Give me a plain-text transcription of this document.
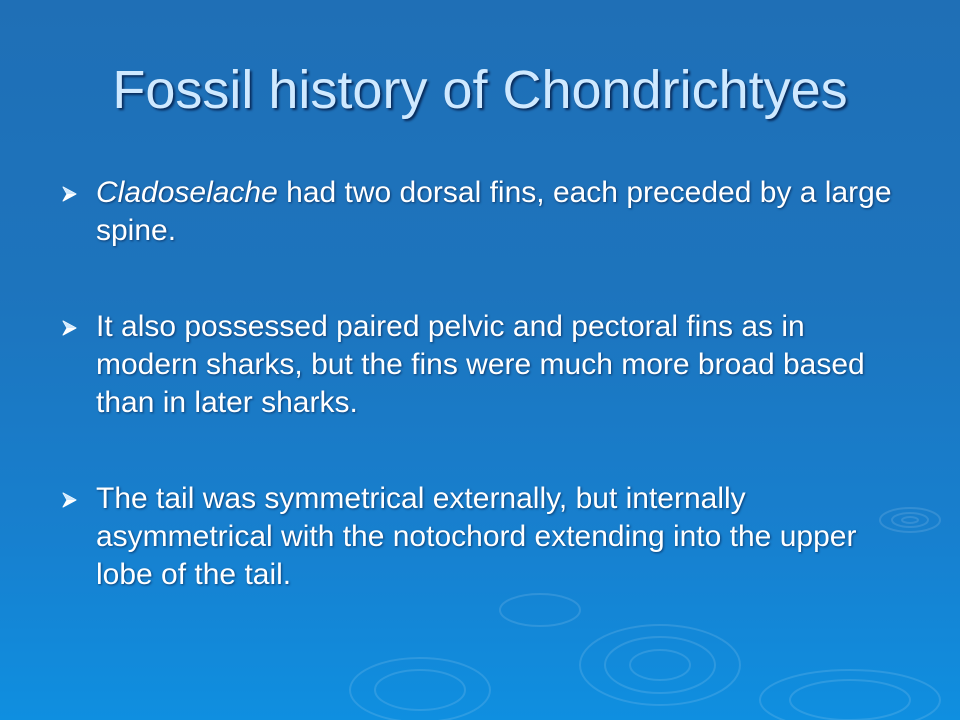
Fossil history of Chondrichtyes
Cladoselache had two dorsal fins, each preceded by a large spine.
It also possessed paired pelvic and pectoral fins as in modern sharks, but the fins were much more broad based than in later sharks.
The tail was symmetrical externally, but internally asymmetrical with the notochord extending into the upper lobe of the tail.
